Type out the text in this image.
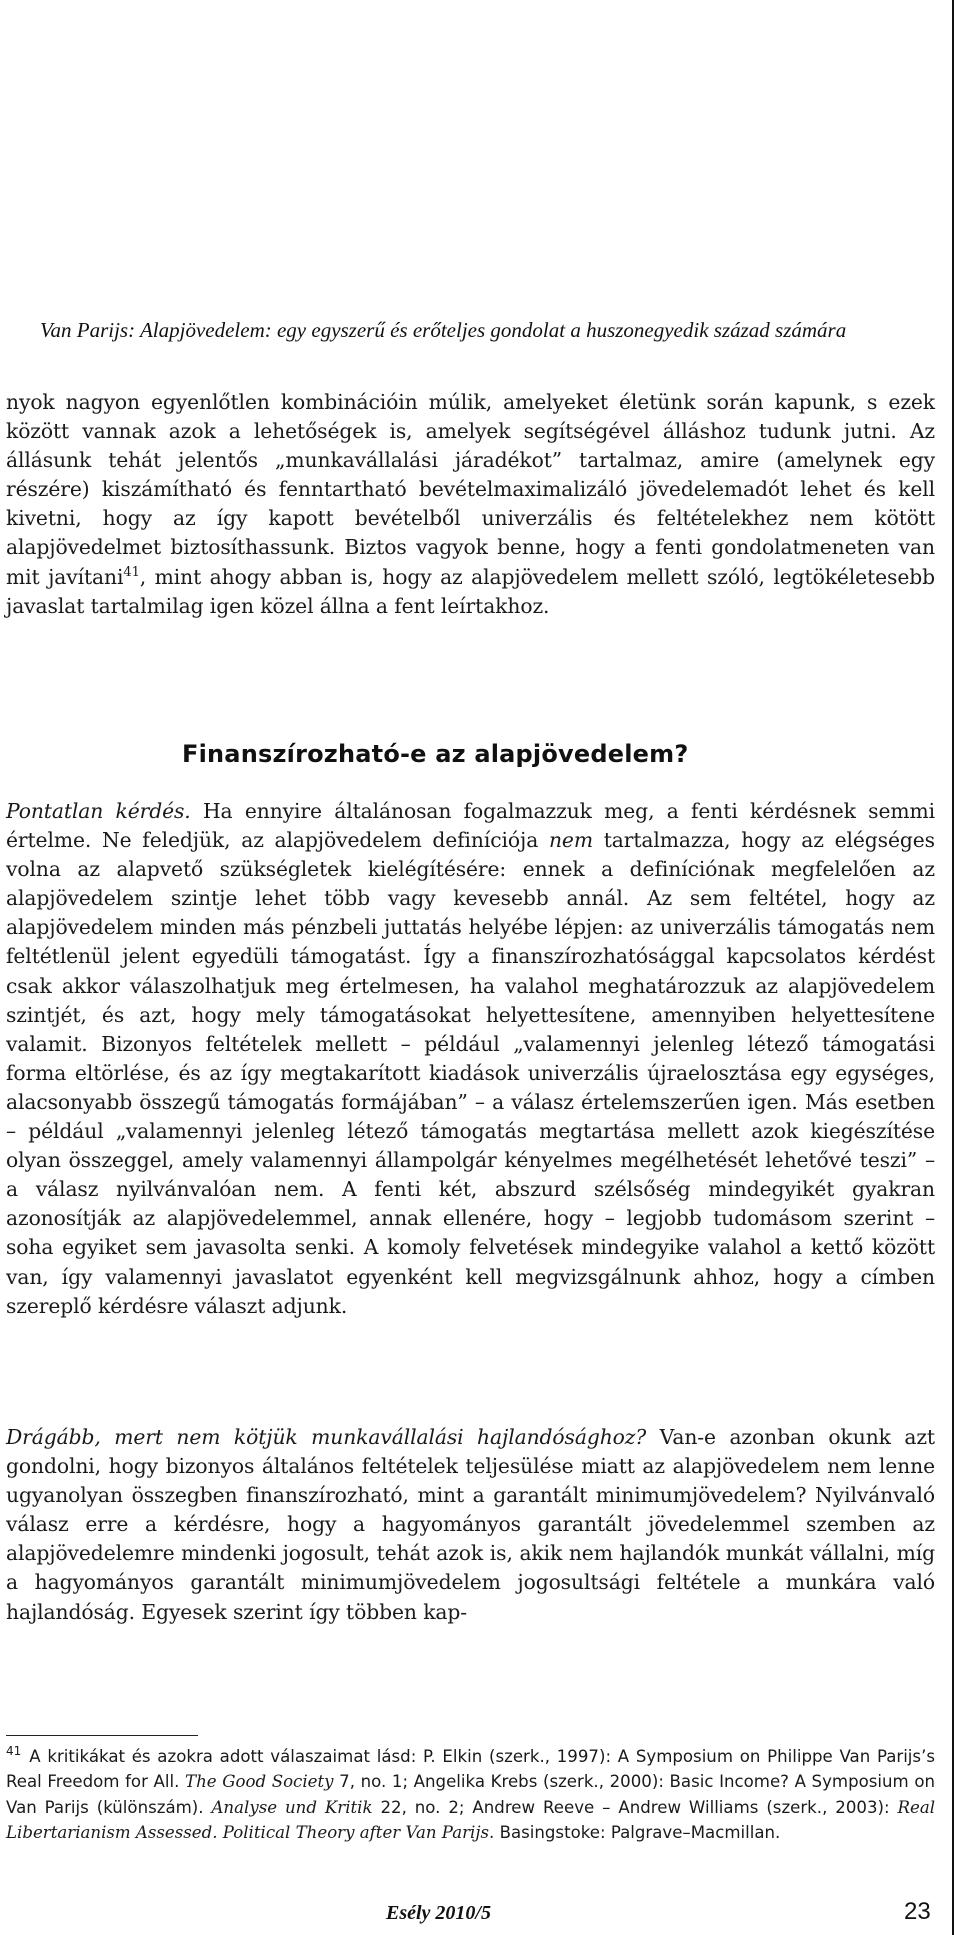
Van Parijs: Alapjövedelem: egy egyszerű és erőteljes gondolat a huszonegyedik század számára

nyok nagyon egyenlőtlen kombinációin múlik, amelyeket életünk során kapunk, s ezek között vannak azok a lehetőségek is, amelyek segítségével álláshoz tudunk jutni. Az állásunk tehát jelentős „munkavállalási járadékot” tartalmaz, amire (amelynek egy részére) kiszámítható és fenntartható bevételmaximalizáló jövedelemadót lehet és kell kivetni, hogy az így kapott bevételből univerzális és feltételekhez nem kötött alapjövedelmet biztosíthassunk. Biztos vagyok benne, hogy a fenti gondolatmeneten van mit javítani$^{41}$, mint ahogy abban is, hogy az alapjövedelem mellett szóló, legtökéletesebb javaslat tartalmilag igen közel állna a fent leírtakhoz.

Finanszírozható-e az alapjövedelem?

Pontatlan kérdés. Ha ennyire általánosan fogalmazzuk meg, a fenti kérdésnek semmi értelme. Ne feledjük, az alapjövedelem definíciója nem tartalmazza, hogy az elégséges volna az alapvető szükségletek kielégítésére: ennek a definíciónak megfelelően az alapjövedelem szintje lehet több vagy kevesebb annál. Az sem feltétel, hogy az alapjövedelem minden más pénzbeli juttatás helyébe lépjen: az univerzális támogatás nem feltétlenül jelent egyedüli támogatást. Így a finanszírozhatósággal kapcsolatos kérdést csak akkor válaszolhatjuk meg értelmesen, ha valahol meghatározzuk az alapjövedelem szintjét, és azt, hogy mely támogatásokat helyettesítene, amennyiben helyettesítene valamit. Bizonyos feltételek mellett – például „valamennyi jelenleg létező támogatási forma eltörlése, és az így megtakarított kiadások univerzális újraelosztása egy egységes, alacsonyabb összegű támogatás formájában” – a válasz értelemszerűen igen. Más esetben – például „valamennyi jelenleg létező támogatás megtartása mellett azok kiegészítése olyan összeggel, amely valamennyi állampolgár kényelmes megélhetését lehetővé teszi” – a válasz nyilvánvalóan nem. A fenti két, abszurd szélsőség mindegyikét gyakran azonosítják az alapjövedelemmel, annak ellenére, hogy – legjobb tudomásom szerint – soha egyiket sem javasolta senki. A komoly felvetések mindegyike valahol a kettő között van, így valamennyi javaslatot egyenként kell megvizsgálnunk ahhoz, hogy a címben szereplő kérdésre választ adjunk.

Drágább, mert nem kötjük munkavállalási hajlandósághoz? Van-e azonban okunk azt gondolni, hogy bizonyos általános feltételek teljesülése miatt az alapjövedelem nem lenne ugyanolyan összegben finanszírozható, mint a garantált minimumjövedelem? Nyilvánvaló válasz erre a kérdésre, hogy a hagyományos garantált jövedelemmel szemben az alapjövedelemre mindenki jogosult, tehát azok is, akik nem hajlandók munkát vállalni, míg a hagyományos garantált minimumjövedelem jogosultsági feltétele a munkára való hajlandóság. Egyesek szerint így többen kap-

$^{41}$ A kritikákat és azokra adott válaszaimat lásd: P. Elkin (szerk., 1997): A Symposium on Philippe Van Parijs’s Real Freedom for All. The Good Society 7, no. 1; Angelika Krebs (szerk., 2000): Basic Income? A Symposium on Van Parijs (különszám). Analyse und Kritik 22, no. 2; Andrew Reeve – Andrew Williams (szerk., 2003): Real Libertarianism Assessed. Political Theory after Van Parijs. Basingstoke: Palgrave–Macmillan.
Esély 2010/5	23
